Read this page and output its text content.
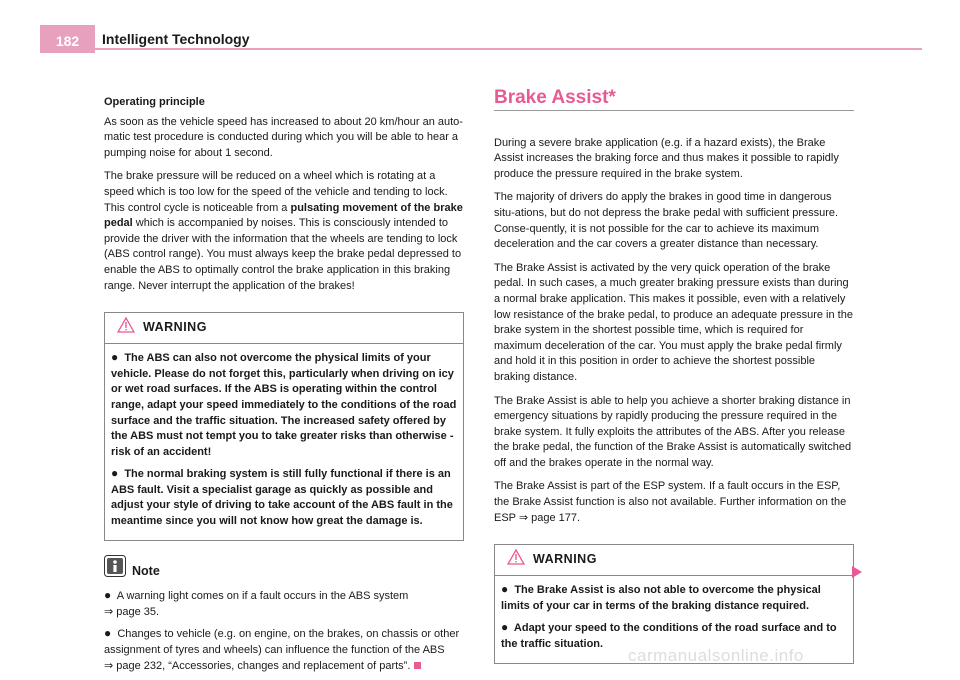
182 Intelligent Technology

Operating principle

As soon as the vehicle speed has increased to about 20 km/hour an auto-matic test procedure is conducted during which you will be able to hear a pumping noise for about 1 second.

The brake pressure will be reduced on a wheel which is rotating at a speed which is too low for the speed of the vehicle and tending to lock. This control cycle is noticeable from a pulsating movement of the brake pedal which is accompanied by noises. This is consciously intended to provide the driver with the information that the wheels are tending to lock (ABS control range). You must always keep the brake pedal depressed to enable the ABS to optimally control the brake application in this braking range. Never interrupt the application of the brakes!

WARNING
● The ABS can also not overcome the physical limits of your vehicle. Please do not forget this, particularly when driving on icy or wet road surfaces. If the ABS is operating within the control range, adapt your speed immediately to the conditions of the road surface and the traffic situation. The increased safety offered by the ABS must not tempt you to take greater risks than otherwise - risk of an accident!
● The normal braking system is still fully functional if there is an ABS fault. Visit a specialist garage as quickly as possible and adjust your style of driving to take account of the ABS fault in the meantime since you will not know how great the damage is.
Note
● A warning light comes on if a fault occurs in the ABS system
⇒ page 35.
● Changes to vehicle (e.g. on engine, on the brakes, on chassis or other assignment of tyres and wheels) can influence the function of the ABS
⇒ page 232, “Accessories, changes and replacement of parts”.
Brake Assist*

During a severe brake application (e.g. if a hazard exists), the Brake Assist increases the braking force and thus makes it possible to rapidly produce the pressure required in the brake system.

The majority of drivers do apply the brakes in good time in dangerous situ-ations, but do not depress the brake pedal with sufficient pressure. Conse-quently, it is not possible for the car to achieve its maximum deceleration and the car covers a greater distance than necessary.

The Brake Assist is activated by the very quick operation of the brake pedal. In such cases, a much greater braking pressure exists than during a normal brake application. This makes it possible, even with a relatively low resistance of the brake pedal, to produce an adequate pressure in the brake system in the shortest possible time, which is required for maximum deceleration of the car. You must apply the brake pedal firmly and hold it in this position in order to achieve the shortest possible braking distance.

The Brake Assist is able to help you achieve a shorter braking distance in emergency situations by rapidly producing the pressure required in the brake system. It fully exploits the attributes of the ABS. After you release the brake pedal, the function of the Brake Assist is automatically switched off and the brakes operate in the normal way.

The Brake Assist is part of the ESP system. If a fault occurs in the ESP, the Brake Assist function is also not available. Further information on the ESP ⇒ page 177.

WARNING
● The Brake Assist is also not able to overcome the physical limits of your car in terms of the braking distance required.
● Adapt your speed to the conditions of the road surface and to the traffic situation.
carmanualsonline.info
